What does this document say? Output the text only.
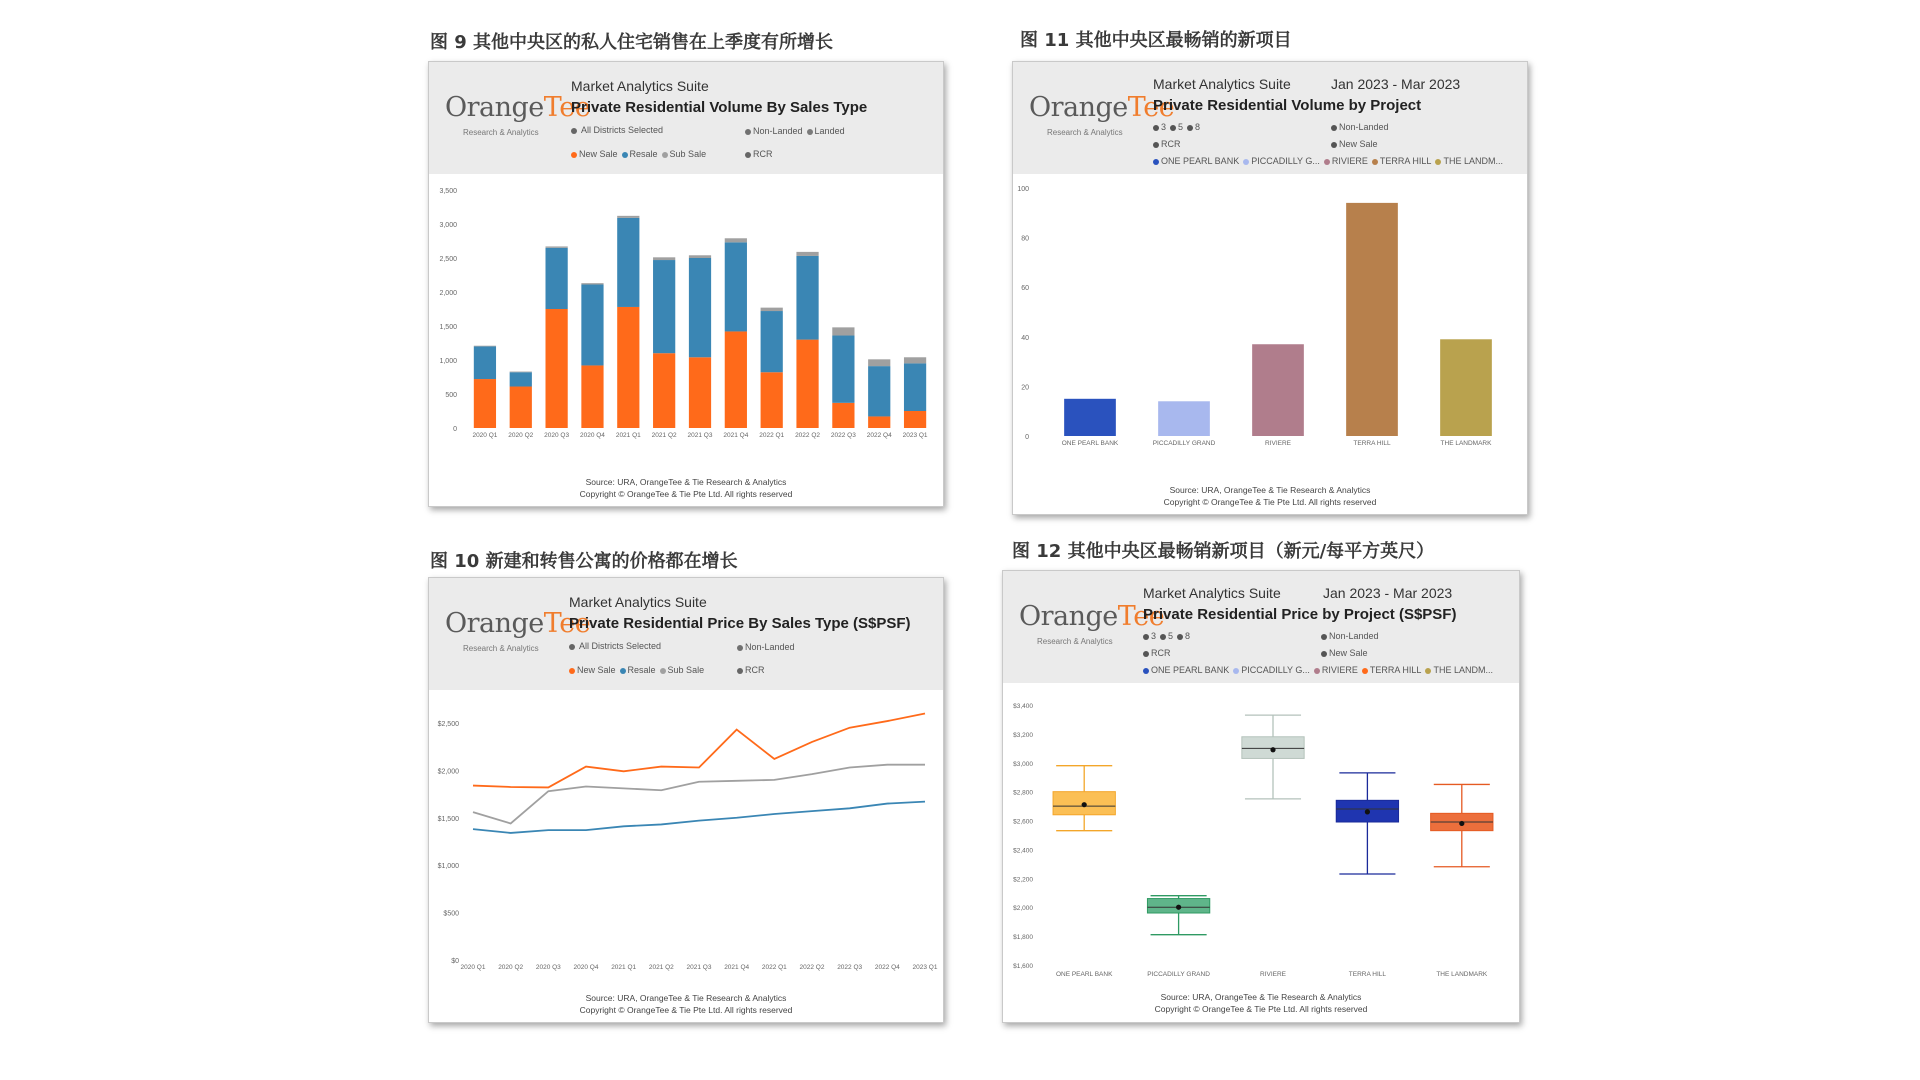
图 9 其他中央区的私人住宅销售在上季度有所增长	图 11 其他中央区最畅销的新项目
图 10 新建和转售公寓的价格都在增长	图 12 其他中央区最畅销新项目（新元/每平方英尺）
OrangeTee
Research & Analytics
Market Analytics Suite
Private Residential Volume By Sales Type
All Districts Selected	Non-Landed Landed
New Sale Resale Sub Sale	RCR
0
500
1,000
1,500
2,000
2,500
3,000
3,500
2020 Q1 2020 Q2 2020 Q3 2020 Q4 2021 Q1 2021 Q2 2021 Q3 2021 Q4 2022 Q1 2022 Q2 2022 Q3 2022 Q4 2023 Q1
Source: URA, OrangeTee & Tie Research & Analytics
Copyright © OrangeTee & Tie Pte Ltd. All rights reserved
OrangeTee
Research & Analytics
Market Analytics Suite	Jan 2023 - Mar 2023
Private Residential Volume by Project
3 5 8	Non-Landed
RCR	New Sale
ONE PEARL BANK PICCADILLY G... RIVIERE TERRA HILL THE LANDM...
0
20
40
60
80
100
ONE PEARL BANK	PICCADILLY GRAND	RIVIERE	TERRA HILL	THE LANDMARK
Source: URA, OrangeTee & Tie Research & Analytics
Copyright © OrangeTee & Tie Pte Ltd. All rights reserved
OrangeTee
Research & Analytics
Market Analytics Suite
Private Residential Price By Sales Type (S$PSF)
All Districts Selected	Non-Landed
New Sale Resale Sub Sale	RCR
$0
$500
$1,000
$1,500
$2,000
$2,500
2020 Q1 2020 Q2 2020 Q3 2020 Q4 2021 Q1 2021 Q2 2021 Q3 2021 Q4 2022 Q1 2022 Q2 2022 Q3 2022 Q4 2023 Q1
Source: URA, OrangeTee & Tie Research & Analytics
Copyright © OrangeTee & Tie Pte Ltd. All rights reserved
OrangeTee
Research & Analytics
Market Analytics Suite	Jan 2023 - Mar 2023
Private Residential Price by Project (S$PSF)
3 5 8	Non-Landed
RCR	New Sale
ONE PEARL BANK PICCADILLY G... RIVIERE TERRA HILL THE LANDM...
$1,600
$1,800
$2,000
$2,200
$2,400
$2,600
$2,800
$3,000
$3,200
$3,400
ONE PEARL BANK	PICCADILLY GRAND	RIVIERE	TERRA HILL	THE LANDMARK
Source: URA, OrangeTee & Tie Research & Analytics
Copyright © OrangeTee & Tie Pte Ltd. All rights reserved
